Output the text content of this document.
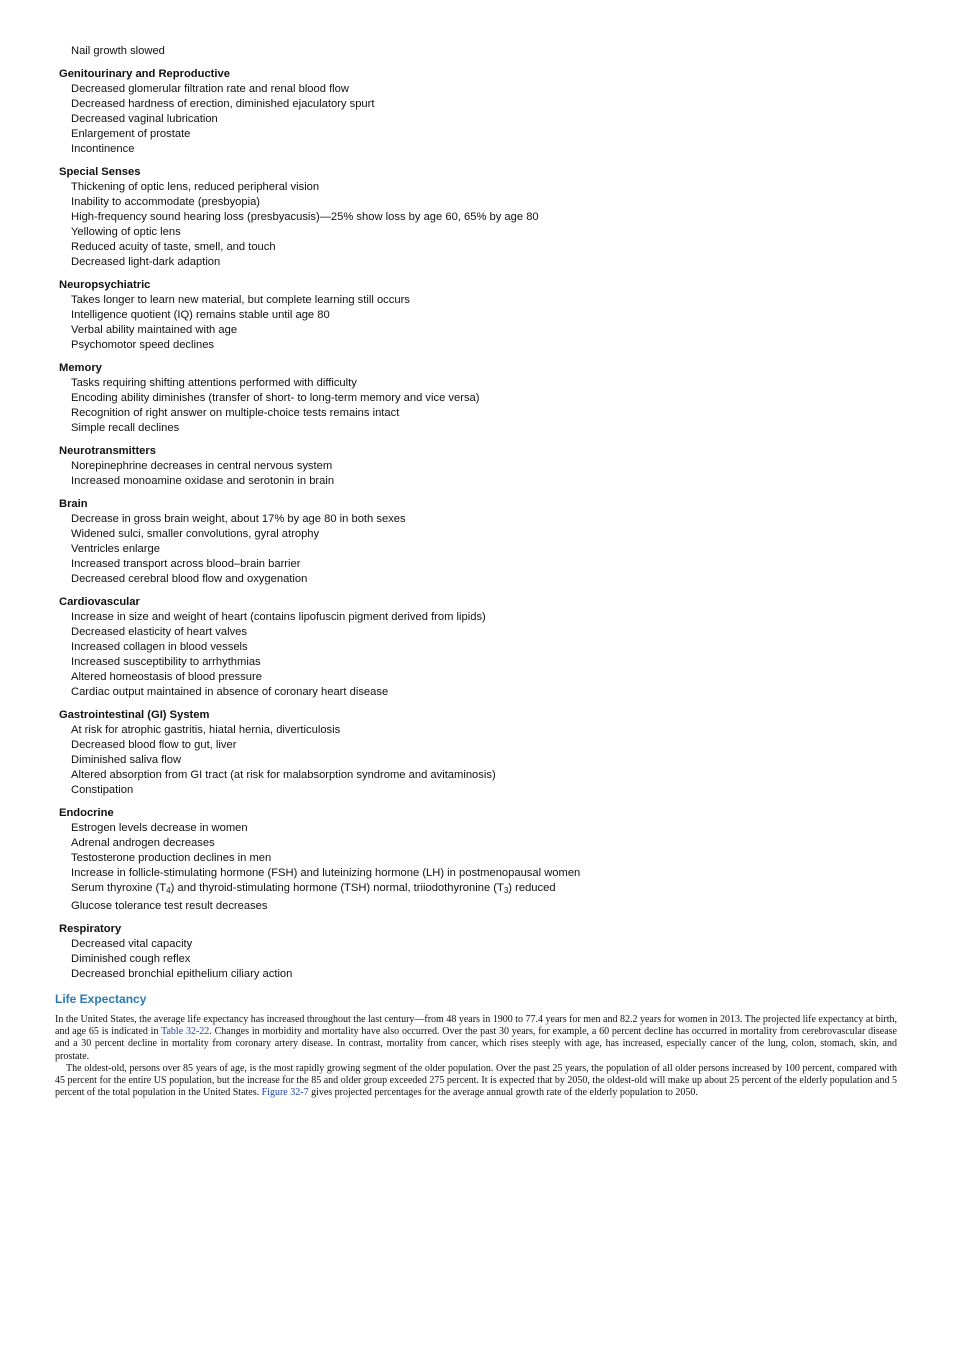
Nail growth slowed
Genitourinary and Reproductive
Decreased glomerular filtration rate and renal blood flow
Decreased hardness of erection, diminished ejaculatory spurt
Decreased vaginal lubrication
Enlargement of prostate
Incontinence
Special Senses
Thickening of optic lens, reduced peripheral vision
Inability to accommodate (presbyopia)
High-frequency sound hearing loss (presbyacusis)—25% show loss by age 60, 65% by age 80
Yellowing of optic lens
Reduced acuity of taste, smell, and touch
Decreased light-dark adaption
Neuropsychiatric
Takes longer to learn new material, but complete learning still occurs
Intelligence quotient (IQ) remains stable until age 80
Verbal ability maintained with age
Psychomotor speed declines
Memory
Tasks requiring shifting attentions performed with difficulty
Encoding ability diminishes (transfer of short- to long-term memory and vice versa)
Recognition of right answer on multiple-choice tests remains intact
Simple recall declines
Neurotransmitters
Norepinephrine decreases in central nervous system
Increased monoamine oxidase and serotonin in brain
Brain
Decrease in gross brain weight, about 17% by age 80 in both sexes
Widened sulci, smaller convolutions, gyral atrophy
Ventricles enlarge
Increased transport across blood–brain barrier
Decreased cerebral blood flow and oxygenation
Cardiovascular
Increase in size and weight of heart (contains lipofuscin pigment derived from lipids)
Decreased elasticity of heart valves
Increased collagen in blood vessels
Increased susceptibility to arrhythmias
Altered homeostasis of blood pressure
Cardiac output maintained in absence of coronary heart disease
Gastrointestinal (GI) System
At risk for atrophic gastritis, hiatal hernia, diverticulosis
Decreased blood flow to gut, liver
Diminished saliva flow
Altered absorption from GI tract (at risk for malabsorption syndrome and avitaminosis)
Constipation
Endocrine
Estrogen levels decrease in women
Adrenal androgen decreases
Testosterone production declines in men
Increase in follicle-stimulating hormone (FSH) and luteinizing hormone (LH) in postmenopausal women
Serum thyroxine $(T_4)$ and thyroid-stimulating hormone (TSH) normal, triiodothyronine $(T_3)$ reduced
Glucose tolerance test result decreases
Respiratory
Decreased vital capacity
Diminished cough reflex
Decreased bronchial epithelium ciliary action
Life Expectancy

In the United States, the average life expectancy has increased throughout the last century—from 48 years in 1900 to 77.4 years for men and 82.2 years for women in 2013. The projected life expectancy at birth, and age 65 is indicated in Table 32-22. Changes in morbidity and mortality have also occurred. Over the past 30 years, for example, a 60 percent decline has occurred in mortality from cerebrovascular disease and a 30 percent decline in mortality from coronary artery disease. In contrast, mortality from cancer, which rises steeply with age, has increased, especially cancer of the lung, colon, stomach, skin, and prostate.

The oldest-old, persons over 85 years of age, is the most rapidly growing segment of the older population. Over the past 25 years, the population of all older persons increased by 100 percent, compared with 45 percent for the entire US population, but the increase for the 85 and older group exceeded 275 percent. It is expected that by 2050, the oldest-old will make up about 25 percent of the elderly population and 5 percent of the total population in the United States. Figure 32-7 gives projected percentages for the average annual growth rate of the elderly population to 2050.
